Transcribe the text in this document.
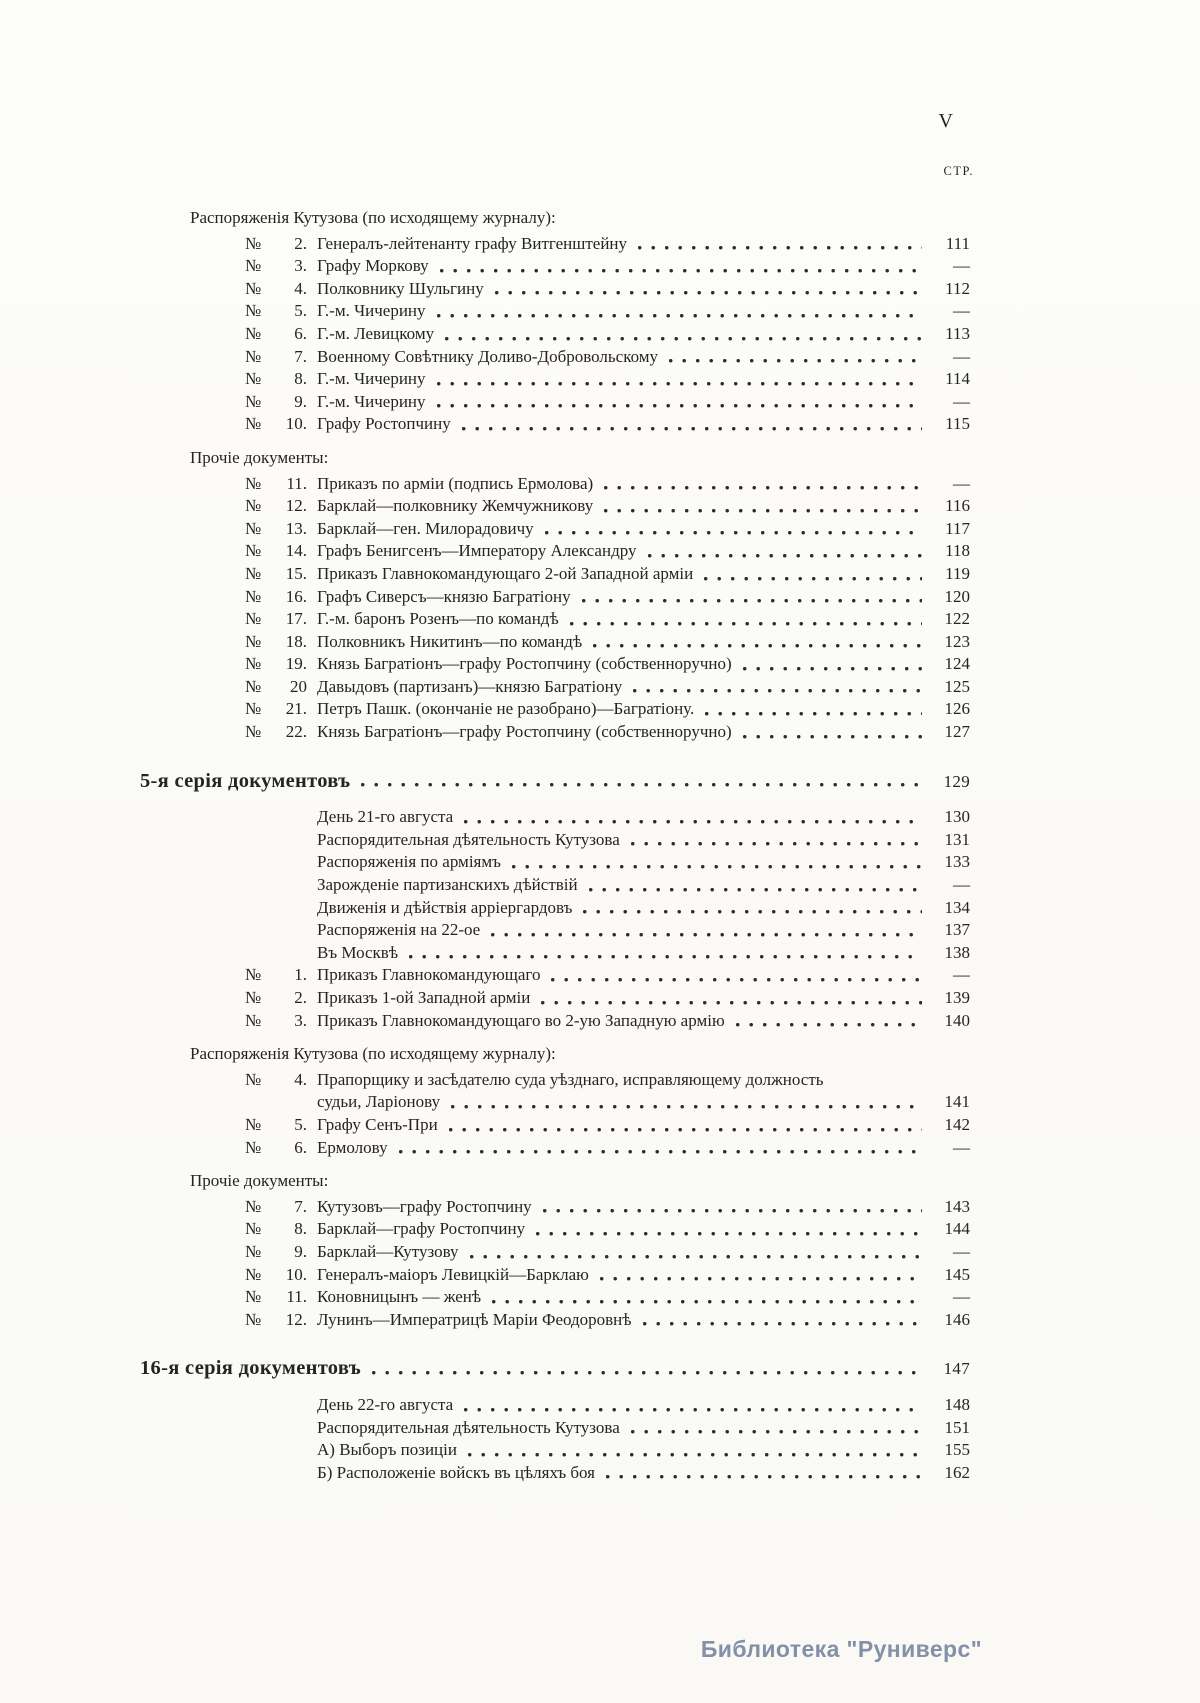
V
СТР.
Распоряженія Кутузова (по исходящему журналу):
№	2. Генералъ-лейтенанту графу Витгенштейну	111
№	3. Графу Моркову	—
№	4. Полковнику Шульгину	112
№	5. Г.-м. Чичерину	—
№	6. Г.-м. Левицкому	113
№	7. Военному Совѣтнику Доливо-Добровольскому	—
№	8. Г.-м. Чичерину	114
№	9. Г.-м. Чичерину	—
№	10. Графу Ростопчину	115
Прочіе документы:
№	11. Приказъ по арміи (подпись Ермолова)	—
№	12. Барклай—полковнику Жемчужникову	116
№	13. Барклай—ген. Милорадовичу	117
№	14. Графъ Бенигсенъ—Императору Александру	118
№	15. Приказъ Главнокомандующаго 2-ой Западной арміи	119
№	16. Графъ Сиверсъ—князю Багратіону	120
№	17. Г.-м. баронъ Розенъ—по командѣ	122
№	18. Полковникъ Никитинъ—по командѣ	123
№	19. Князь Багратіонъ—графу Ростопчину (собственноручно)	124
№	20 Давыдовъ (партизанъ)—князю Багратіону	125
№	21. Петръ Пашк. (окончаніе не разобрано)—Багратіону.	126
№	22. Князь Багратіонъ—графу Ростопчину (собственноручно)	127
5-я серія документовъ	129
День 21-го августа	130
Распорядительная дѣятельность Кутузова	131
Распоряженія по арміямъ	133
Зарожденіе партизанскихъ дѣйствій	—
Движенія и дѣйствія арріергардовъ	134
Распоряженія на 22-ое	137
Въ Москвѣ	138
№	1. Приказъ Главнокомандующаго	—
№	2. Приказъ 1-ой Западной арміи	139
№	3. Приказъ Главнокомандующаго во 2-ую Западную армію	140
Распоряженія Кутузова (по исходящему журналу):
№	4. Прапорщику и засѣдателю суда уѣзднаго, исправляющему должность
судьи, Ларіонову	141
№	5. Графу Сенъ-При	142
№	6. Ермолову	—
Прочіе документы:
№	7. Кутузовъ—графу Ростопчину	143
№	8. Барклай—графу Ростопчину	144
№	9. Барклай—Кутузову	—
№	10. Генералъ-маіоръ Левицкій—Барклаю	145
№	11. Коновницынъ — женѣ	—
№	12. Лунинъ—Императрицѣ Маріи Феодоровнѣ	146
16-я серія документовъ	147
День 22-го августа	148
Распорядительная дѣятельность Кутузова	151
А) Выборъ позиціи	155
Б) Расположеніе войскъ въ цѣляхъ боя	162
Библиотека "Руниверс"
